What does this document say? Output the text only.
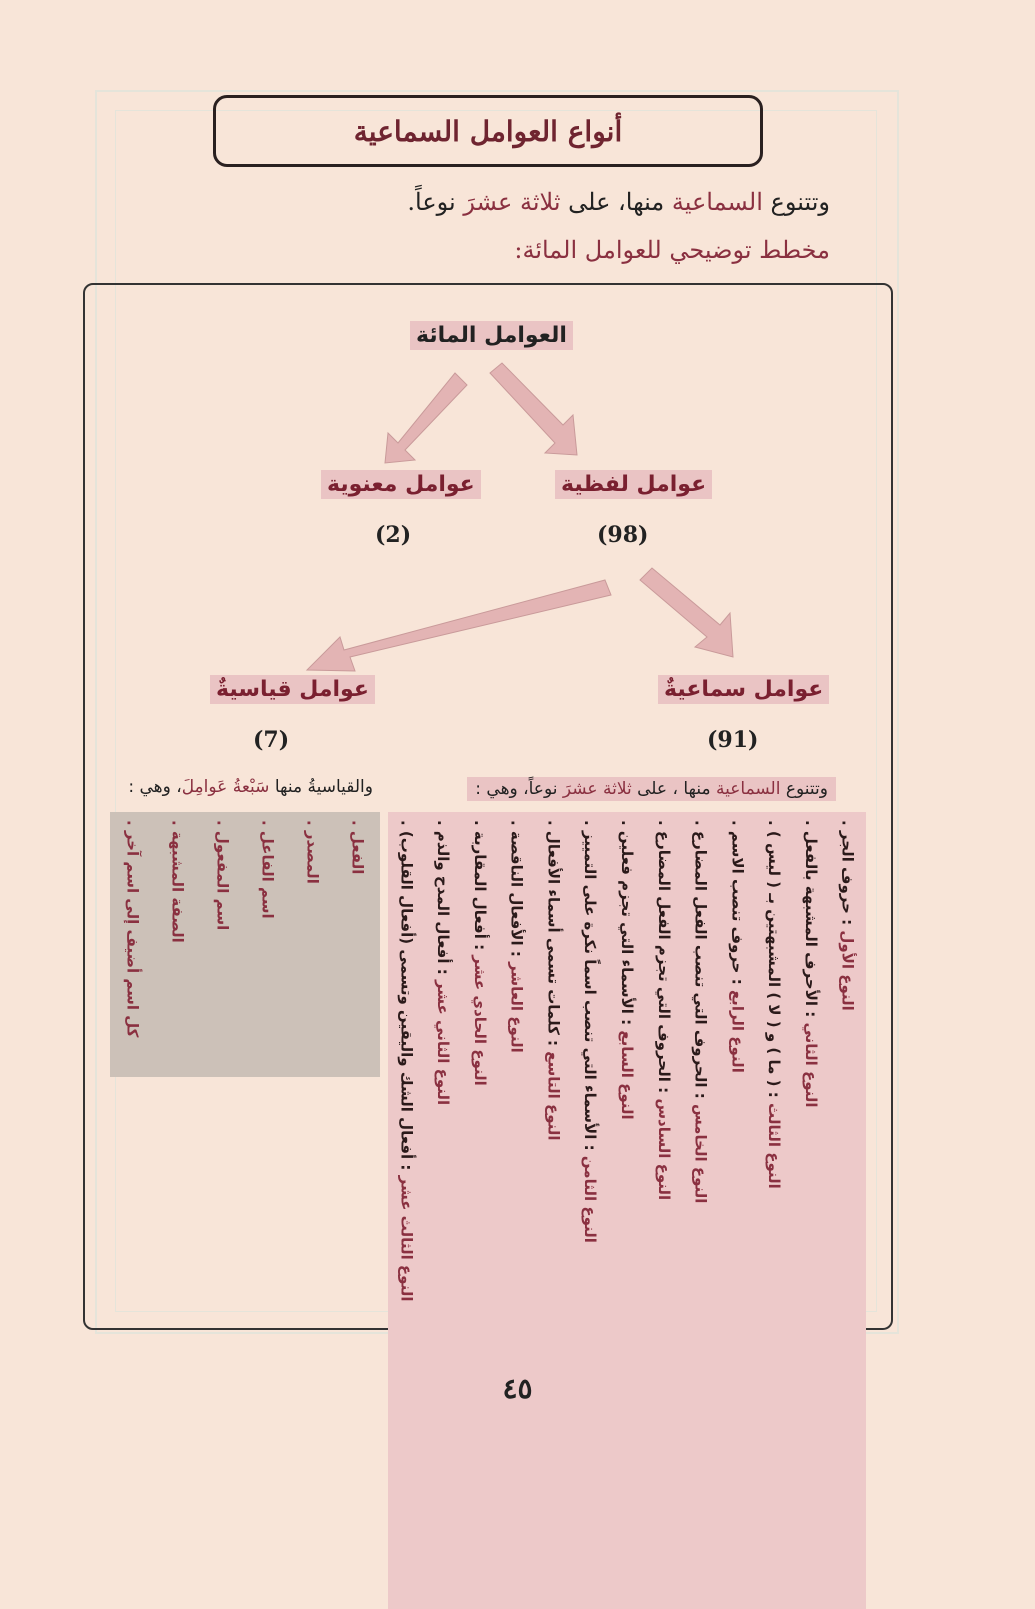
أنواع العوامل السماعية
وتتنوع السماعية منها، على ثلاثة عشرَ نوعاً.
مخطط توضيحي للعوامل المائة:
العوامل المائة
عوامل لفظية
(98)
عوامل معنوية
(2)
عوامل سماعيةٌ
(91)
عوامل قياسيةٌ
(7)
وتتنوع السماعية منها ، على ثلاثة عشرَ نوعاً، وهي :
والقياسيةُ منها سَبْعةُ عَوامِلَ، وهي :
النوع الأول : حروف الجر .
النوع الثاني : الأحرف المشبهة بالفعل .
النوع الثالث : ( ما ) و ( لا ) المشبهتين بـ ( ليس ) .
النوع الرابع : حروف تنصب الاسم .
النوع الخامس : الحروف التي تنصب الفعل المضارع .
النوع السادس : الحروف التي تجزم الفعل المضارع .
النوع السابع : الأسماء التي تجزم فعلين .
النوع الثامن : الأسماء التي تنصب اسماً نكرة على التمييز .
النوع التاسع : كلمات تسمى أسماء الأفعال .
النوع العاشر : الأفعال الناقصة .
النوع الحادي عشر : أفعال المقاربة .
النوع الثاني عشر : أفعال المدح والذم .
النوع الثالث عشر : أفعال الشك واليقين وتسمى (أفعال القلوب) .
الفعل .
المصدر .
اسم الفاعل .
اسم المفعول .
الصفة المشبهة .
كل اسم أضيف إلى اسم آخر .
٤٥
